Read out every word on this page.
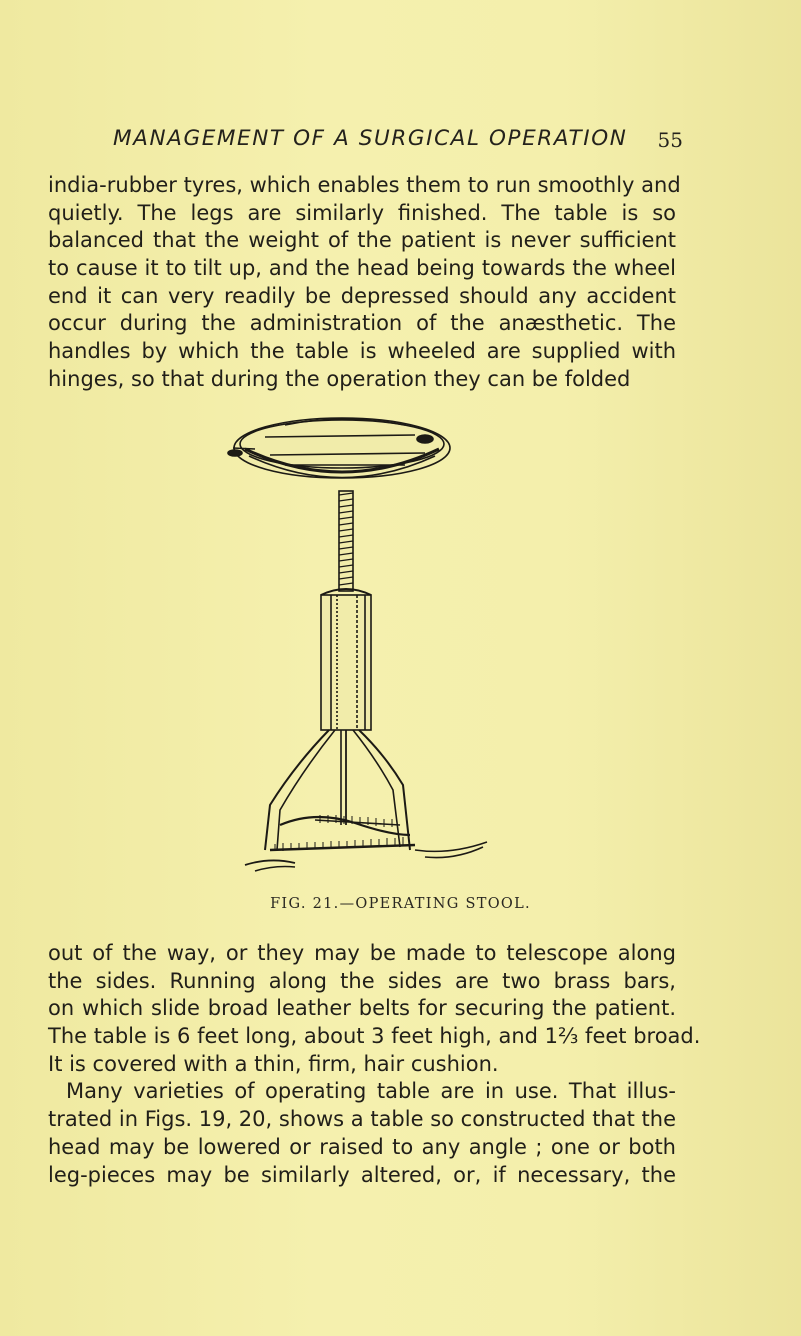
MANAGEMENT OF A SURGICAL OPERATION 55
india-rubber tyres, which enables them to run smoothly and
quietly. The legs are similarly finished. The table is so
balanced that the weight of the patient is never sufficient
to cause it to tilt up, and the head being towards the wheel
end it can very readily be depressed should any accident
occur during the administration of the anæsthetic. The
handles by which the table is wheeled are supplied with
hinges, so that during the operation they can be folded
FIG. 21.—OPERATING STOOL.
out of the way, or they may be made to telescope along
the sides. Running along the sides are two brass bars,
on which slide broad leather belts for securing the patient.
The table is 6 feet long, about 3 feet high, and 1⅔ feet broad.
It is covered with a thin, firm, hair cushion.
Many varieties of operating table are in use. That illus-
trated in Figs. 19, 20, shows a table so constructed that the
head may be lowered or raised to any angle ; one or both
leg-pieces may be similarly altered, or, if necessary, the
